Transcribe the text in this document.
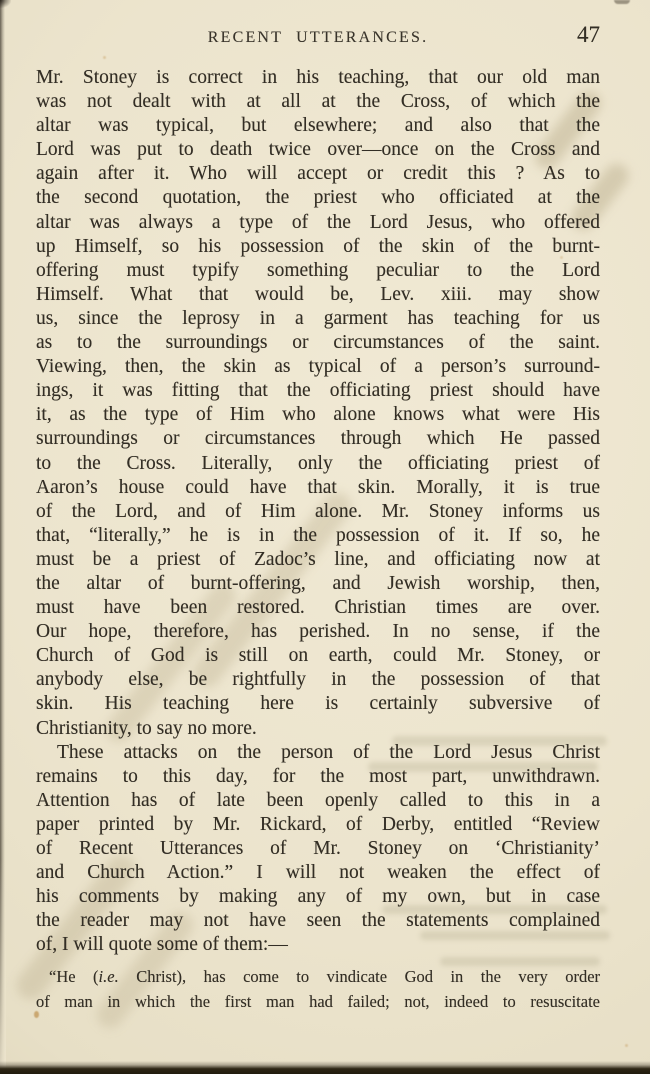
RECENT UTTERANCES.	47
Mr. Stoney is correct in his teaching, that our old man
was not dealt with at all at the Cross, of which the
altar was typical, but elsewhere; and also that the
Lord was put to death twice over—once on the Cross and
again after it. Who will accept or credit this ? As to
the second quotation, the priest who officiated at the
altar was always a type of the Lord Jesus, who offered
up Himself, so his possession of the skin of the burnt-
offering must typify something peculiar to the Lord
Himself. What that would be, Lev. xiii. may show
us, since the leprosy in a garment has teaching for us
as to the surroundings or circumstances of the saint.
Viewing, then, the skin as typical of a person’s surround-
ings, it was fitting that the officiating priest should have
it, as the type of Him who alone knows what were His
surroundings or circumstances through which He passed
to the Cross. Literally, only the officiating priest of
Aaron’s house could have that skin. Morally, it is true
of the Lord, and of Him alone. Mr. Stoney informs us
that, “literally,” he is in the possession of it. If so, he
must be a priest of Zadoc’s line, and officiating now at
the altar of burnt-offering, and Jewish worship, then,
must have been restored. Christian times are over.
Our hope, therefore, has perished. In no sense, if the
Church of God is still on earth, could Mr. Stoney, or
anybody else, be rightfully in the possession of that
skin. His teaching here is certainly subversive of
Christianity, to say no more.
These attacks on the person of the Lord Jesus Christ
remains to this day, for the most part, unwithdrawn.
Attention has of late been openly called to this in a
paper printed by Mr. Rickard, of Derby, entitled “Review
of Recent Utterances of Mr. Stoney on ‘Christianity’
and Church Action.” I will not weaken the effect of
his comments by making any of my own, but in case
the reader may not have seen the statements complained
of, I will quote some of them:—
“He (i.e. Christ), has come to vindicate God in the very order
of man in which the first man had failed; not, indeed to resuscitate
